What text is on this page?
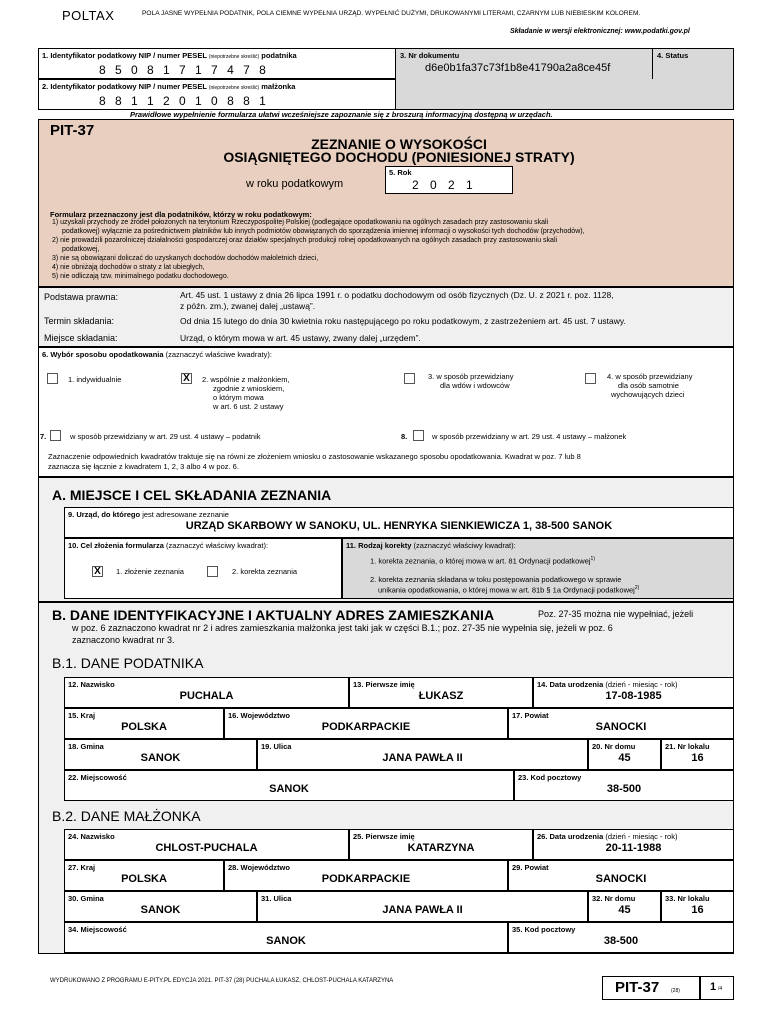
POLTAX	POLA JASNE WYPEŁNIA PODATNIK, POLA CIEMNE WYPEŁNIA URZĄD. WYPEŁNIĆ DUŻYMI, DRUKOWANYMI LITERAMI, CZARNYM LUB NIEBIESKIM KOLOREM.
Składanie w wersji elektronicznej: www.podatki.gov.pl
1. Identyfikator podatkowy NIP / numer PESEL (niepotrzebne skreślić) podatnika
8 5 0 8 1 7 1 7 4 7 8
2. Identyfikator podatkowy NIP / numer PESEL (niepotrzebne skreślić) małżonka
8 8 1 1 2 0 1 0 8 8 1
3. Nr dokumentu
d6e0b1fa37c73f1b8e41790a2a8ce45f
4. Status
Prawidłowe wypełnienie formularza ułatwi wcześniejsze zapoznanie się z broszurą informacyjną dostępną w urzędach.
PIT-37
ZEZNANIE O WYSOKOŚCI
OSIĄGNIĘTEGO DOCHODU (PONIESIONEJ STRATY)
w roku podatkowym
5. Rok
2 0 2 1
Formularz przeznaczony jest dla podatników, którzy w roku podatkowym:
1) uzyskali przychody ze źródeł położonych na terytorium Rzeczypospolitej Polskiej (podlegające opodatkowaniu na ogólnych zasadach przy zastosowaniu skali
podatkowej) wyłącznie za pośrednictwem płatników lub innych podmiotów obowiązanych do sporządzenia imiennej informacji o wysokości tych dochodów (przychodów),
2) nie prowadzili pozarolniczej działalności gospodarczej oraz działów specjalnych produkcji rolnej opodatkowanych na ogólnych zasadach przy zastosowaniu skali
podatkowej,
3) nie są obowiązani doliczać do uzyskanych dochodów dochodów małoletnich dzieci,
4) nie obniżają dochodów o straty z lat ubiegłych,
5) nie odliczają tzw. minimalnego podatku dochodowego.
Podstawa prawna:	Art. 45 ust. 1 ustawy z dnia 26 lipca 1991 r. o podatku dochodowym od osób fizycznych (Dz. U. z 2021 r. poz. 1128,
z późn. zm.), zwanej dalej „ustawą”.
Termin składania:	Od dnia 15 lutego do dnia 30 kwietnia roku następującego po roku podatkowym, z zastrzeżeniem art. 45 ust. 7 ustawy.
Miejsce składania:	Urząd, o którym mowa w art. 45 ustawy, zwany dalej „urzędem”.
6. Wybór sposobu opodatkowania (zaznaczyć właściwe kwadraty):
1. indywidualnie	X 2. wspólnie z małżonkiem,
zgodnie z wnioskiem,
o którym mowa
w art. 6 ust. 2 ustawy
3. w sposób przewidziany
dla wdów i wdowców
4. w sposób przewidziany
dla osób samotnie
wychowujących dzieci
7.	w sposób przewidziany w art. 29 ust. 4 ustawy – podatnik	8.	w sposób przewidziany w art. 29 ust. 4 ustawy – małżonek
Zaznaczenie odpowiednich kwadratów traktuje się na równi ze złożeniem wniosku o zastosowanie wskazanego sposobu opodatkowania. Kwadrat w poz. 7 lub 8
zaznacza się łącznie z kwadratem 1, 2, 3 albo 4 w poz. 6.
A. MIEJSCE I CEL SKŁADANIA ZEZNANIA
9. Urząd, do którego jest adresowane zeznanie
URZĄD SKARBOWY W SANOKU, UL. HENRYKA SIENKIEWICZA 1, 38-500 SANOK
10. Cel złożenia formularza (zaznaczyć właściwy kwadrat):
X 1. złożenie zeznania	2. korekta zeznania
11. Rodzaj korekty (zaznaczyć właściwy kwadrat):
1. korekta zeznania, o której mowa w art. 81 Ordynacji podatkowej$^{1)}$
2. korekta zeznania składana w toku postępowania podatkowego w sprawie
unikania opodatkowania, o której mowa w art. 81b § 1a Ordynacji podatkowej$^{2)}$
B. DANE IDENTYFIKACYJNE I AKTUALNY ADRES ZAMIESZKANIA	Poz. 27-35 można nie wypełniać, jeżeli
w poz. 6 zaznaczono kwadrat nr 2 i adres zamieszkania małżonka jest taki jak w części B.1.; poz. 27-35 nie wypełnia się, jeżeli w poz. 6
zaznaczono kwadrat nr 3.
B.1. DANE PODATNIKA
12. Nazwisko
PUCHALA
13. Pierwsze imię
ŁUKASZ
14. Data urodzenia (dzień - miesiąc - rok)
17-08-1985
15. Kraj
POLSKA
16. Województwo
PODKARPACKIE
17. Powiat
SANOCKI
18. Gmina
SANOK
19. Ulica
JANA PAWŁA II
20. Nr domu
45
21. Nr lokalu
16
22. Miejscowość
SANOK
23. Kod pocztowy
38-500
B.2. DANE MAŁŻONKA
24. Nazwisko
CHLOST-PUCHALA
25. Pierwsze imię
KATARZYNA
26. Data urodzenia (dzień - miesiąc - rok)
20-11-1988
27. Kraj
POLSKA
28. Województwo
PODKARPACKIE
29. Powiat
SANOCKI
30. Gmina
SANOK
31. Ulica
JANA PAWŁA II
32. Nr domu
45
33. Nr lokalu
16
34. Miejscowość
SANOK
35. Kod pocztowy
38-500
WYDRUKOWANO Z PROGRAMU E-PITY.PL EDYCJA 2021. PIT-37 (28) PUCHALA ŁUKASZ, CHLOST-PUCHALA KATARZYNA	PIT-37 (28)	1 /4
